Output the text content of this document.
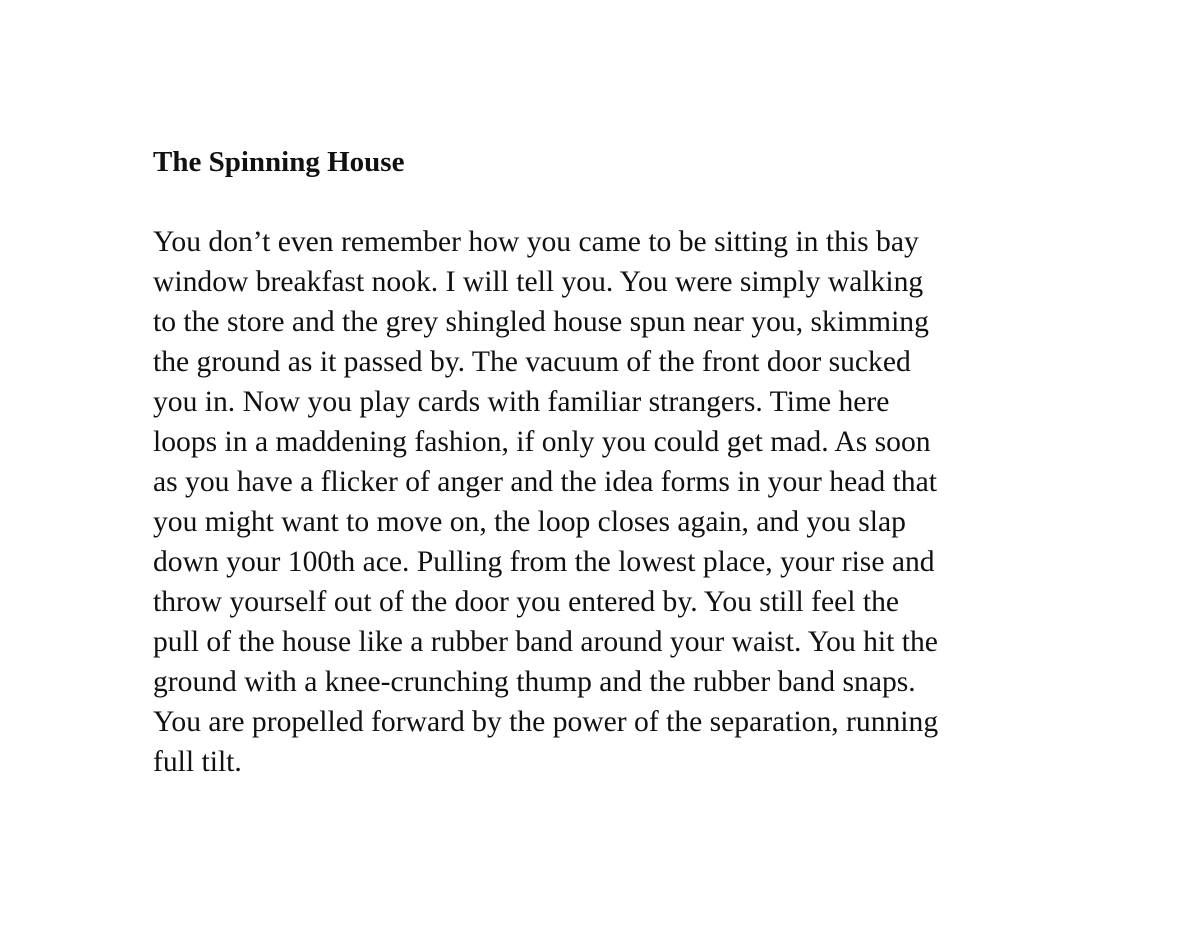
The Spinning House

You don’t even remember how you came to be sitting in this bay
window breakfast nook. I will tell you. You were simply walking
to the store and the grey shingled house spun near you, skimming
the ground as it passed by. The vacuum of the front door sucked
you in. Now you play cards with familiar strangers. Time here
loops in a maddening fashion, if only you could get mad. As soon
as you have a flicker of anger and the idea forms in your head that
you might want to move on, the loop closes again, and you slap
down your 100th ace. Pulling from the lowest place, your rise and
throw yourself out of the door you entered by. You still feel the
pull of the house like a rubber band around your waist. You hit the
ground with a knee-crunching thump and the rubber band snaps.
You are propelled forward by the power of the separation, running
full tilt.
